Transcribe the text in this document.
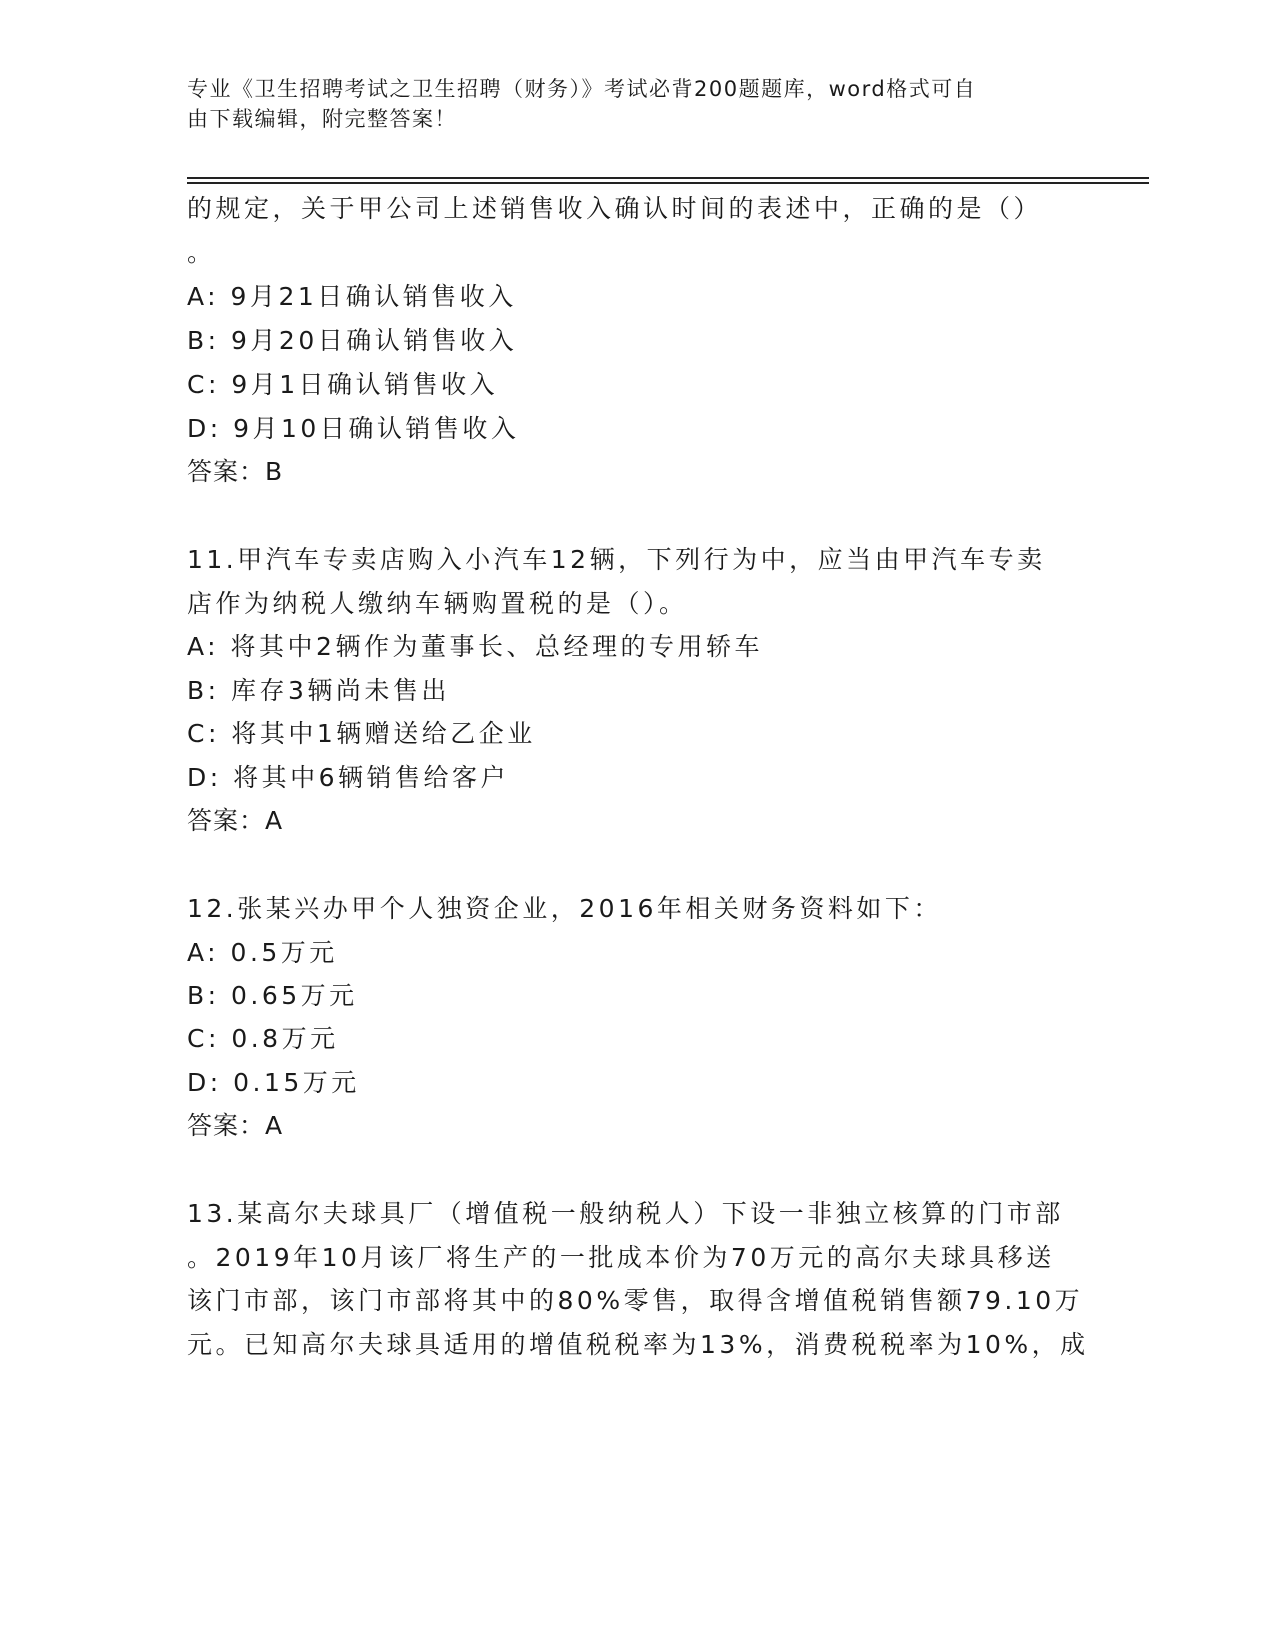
专业《卫生招聘考试之卫生招聘（财务）》考试必背200题题库，word格式可自
由下载编辑，附完整答案！
的规定，关于甲公司上述销售收入确认时间的表述中，正确的是（）
。
A: 9月21日确认销售收入
B: 9月20日确认销售收入
C: 9月1日确认销售收入
D: 9月10日确认销售收入
答案：B
11.甲汽车专卖店购入小汽车12辆，下列行为中，应当由甲汽车专卖
店作为纳税人缴纳车辆购置税的是（）。
A: 将其中2辆作为董事长、总经理的专用轿车
B: 库存3辆尚未售出
C: 将其中1辆赠送给乙企业
D: 将其中6辆销售给客户
答案：A
12.张某兴办甲个人独资企业，2016年相关财务资料如下：
A: 0.5万元
B: 0.65万元
C: 0.8万元
D: 0.15万元
答案：A
13.某高尔夫球具厂（增值税一般纳税人）下设一非独立核算的门市部
。2019年10月该厂将生产的一批成本价为70万元的高尔夫球具移送
该门市部，该门市部将其中的80%零售，取得含增值税销售额79.10万
元。已知高尔夫球具适用的增值税税率为13%，消费税税率为10%，成
